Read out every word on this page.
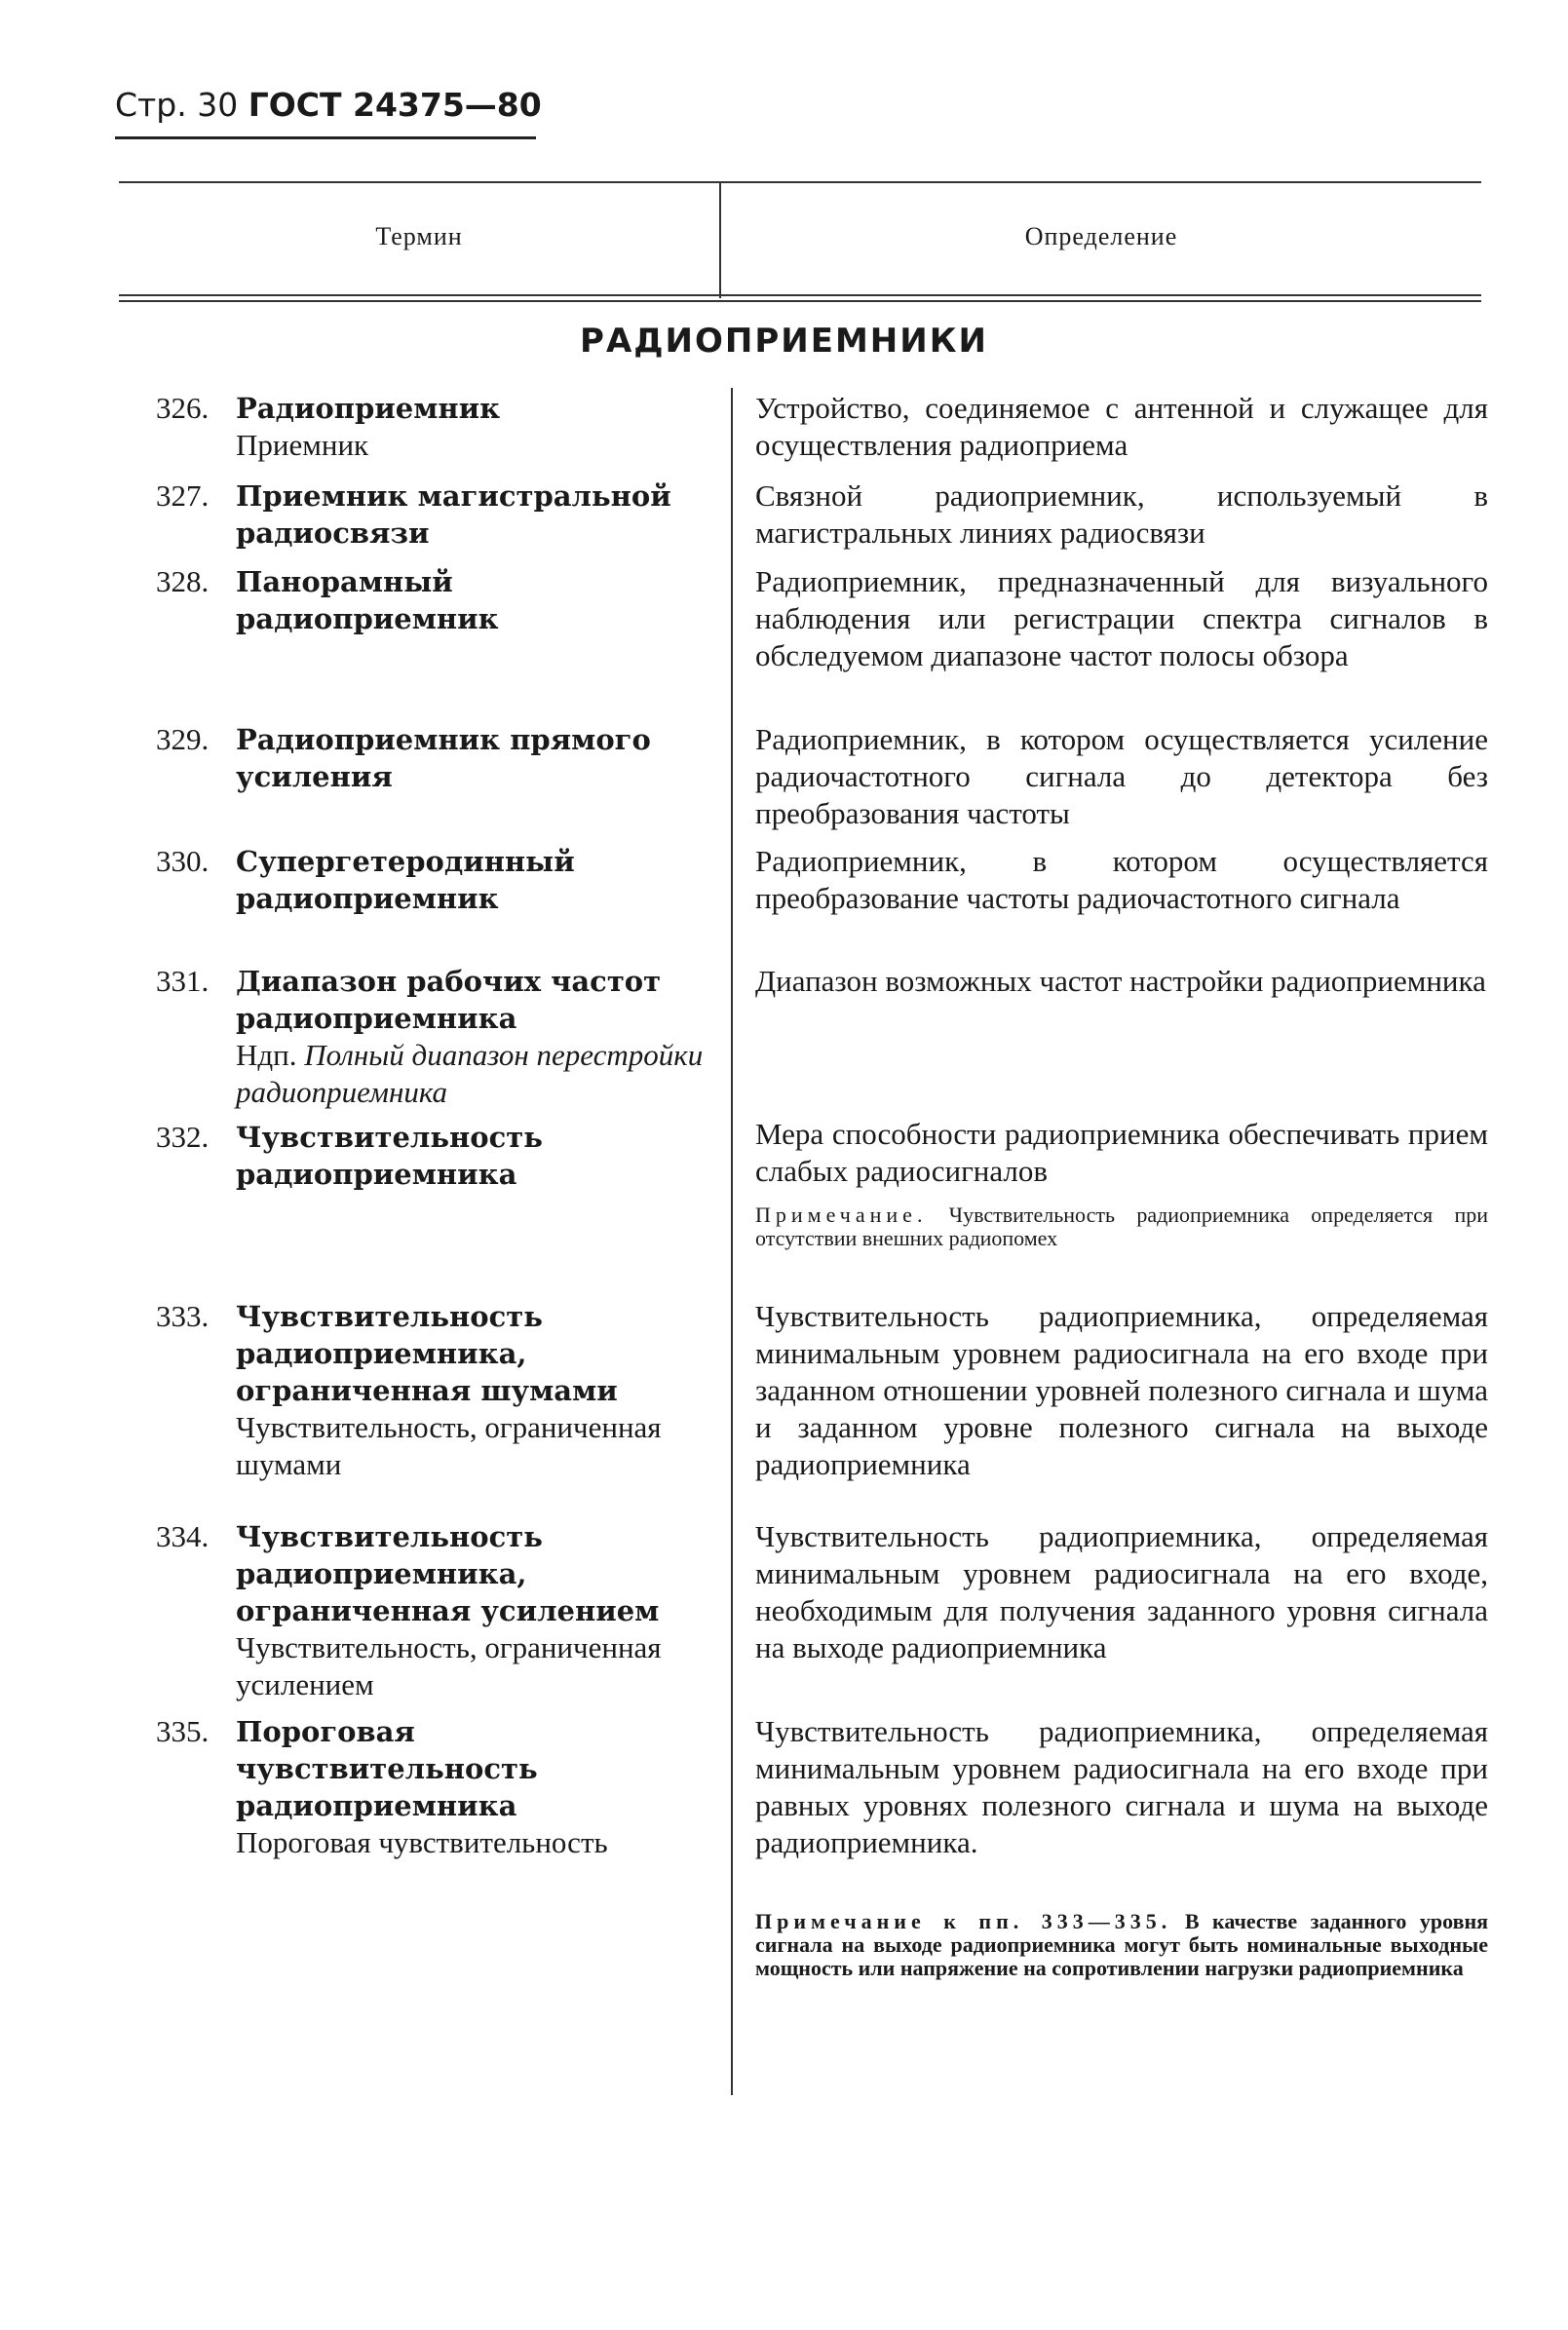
Стр. 30 ГОСТ 24375—80
Термин	Определение
РАДИОПРИЕМНИКИ
326. Радиоприемник
Приемник
Устройство, соединяемое с антенной и служащее для осуществления радиоприема
327. Приемник магистральной радиосвязи
Связной радиоприемник, используемый в магистральных линиях радиосвязи
328. Панорамный радиоприемник
Радиоприемник, предназначенный для визуального наблюдения или регистрации спектра сигналов в обследуемом диапазоне частот полосы обзора
329. Радиоприемник прямого усиления
Радиоприемник, в котором осуществляется усиление радиочастотного сигнала до детектора без преобразования частоты
330. Супергетеродинный радиоприемник
Радиоприемник, в котором осуществляется преобразование частоты радиочастотного сигнала
331. Диапазон рабочих частот радиоприемника
Ндп. Полный диапазон перестройки радиоприемника
Диапазон возможных частот настройки радиоприемника
332. Чувствительность радиоприемника
Мера способности радиоприемника обеспечивать прием слабых радиосигналов
Примечание. Чувствительность радиоприемника определяется при отсутствии внешних радиопомех
333. Чувствительность радиоприемника, ограниченная шумами
Чувствительность, ограниченная шумами
Чувствительность радиоприемника, определяемая минимальным уровнем радиосигнала на его входе при заданном отношении уровней полезного сигнала и шума и заданном уровне полезного сигнала на выходе радиоприемника
334. Чувствительность радиоприемника, ограниченная усилением
Чувствительность, ограниченная усилением
Чувствительность радиоприемника, определяемая минимальным уровнем радиосигнала на его входе, необходимым для получения заданного уровня сигнала на выходе радиоприемника
335. Пороговая чувствительность радиоприемника
Пороговая чувствительность
Чувствительность радиоприемника, определяемая минимальным уровнем радиосигнала на его входе при равных уровнях полезного сигнала и шума на выходе радиоприемника.
Примечание к пп. 333—335. В качестве заданного уровня сигнала на выходе радиоприемника могут быть номинальные выходные мощность или напряжение на сопротивлении нагрузки радиоприемника
